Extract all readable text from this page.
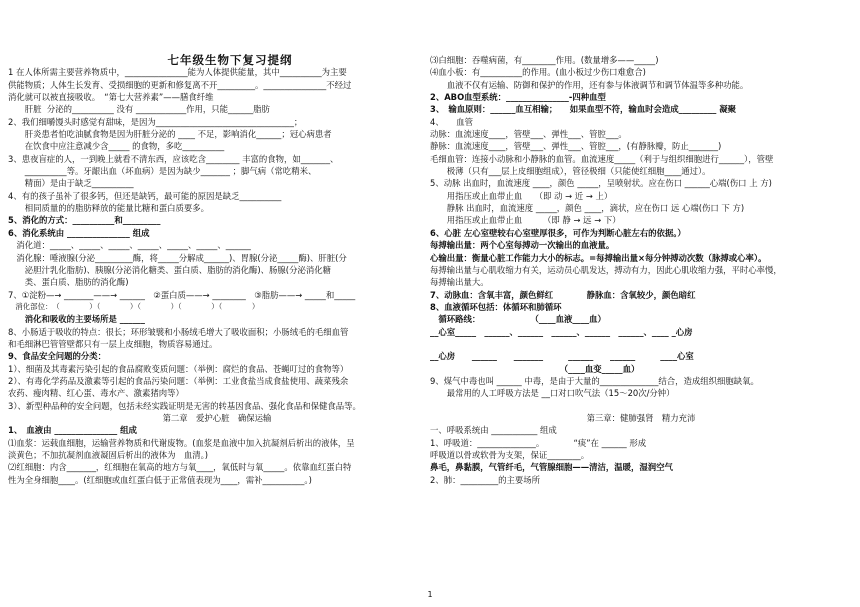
七年级生物下复习提纲
1 在人体所需主要营养物质中，_______________能为人体提供能量，其中__________为主要
供能物质；人体生长发育、受损细胞的更新和修复离不开_________。_______________不经过
消化就可以被直接吸收。　“第七大营养素”——膳食纤维
　　肝脏  分泌的__________ 没有 ____________作用，只能______脂肪
2、我们细嚼馒头时感觉有甜味，是因为_________________________________；
　　肝炎患者怕吃油腻食物是因为肝脏分泌的 ____ 不足，影响消化______；冠心病患者
　　在饮食中应注意减少含_____ 的食物，多吃__________
3、患夜盲症的人，一到晚上就看不清东西，应该吃含________ 丰富的食物，如_______、
　　__________等。牙龈出血（坏血病）是因为缺少_______ ；脚气病（常吃精米、
　　精面）是由于缺乏__________
4、有的孩子虽补了很多钙，但还是缺钙，最可能的原因是缺乏__________
　　相同质量的的脂肪释放的能量比糖和蛋白质要多。
5、消化的方式：__________和_________
6、消化系统由 _______________ 组成
　消化道：_____、_____、_____、_____、_____、_____、______
　消化腺：唾液腺(分泌_________酶，将_____分解成______)、胃腺(分泌_____酶)、肝脏(分
　　泌胆汁乳化脂肪)、胰腺(分泌消化糖类、蛋白质、脂肪的消化酶)、肠腺(分泌消化糖
　　类、蛋白质、脂肪的消化酶)
7、①淀粉—→ _______——→ ______　②蛋白质——→ ________　③脂肪——→ _____和_____
　消化部位：　（　　　　）（　　　　）（　　　　）（　　　　）（　　　　）
　　消化和吸收的主要场所是 ______
8、小肠适于吸收的特点：很长；环形皱襞和小肠绒毛增大了吸收面积；小肠绒毛的毛细血管
和毛细淋巴管管壁都只有一层上皮细胞，物质容易通过。
9、食品安全问题的分类：
1）、细菌及其毒素污染引起的食品腐败变质问题：（举例：腐烂的食品、苍蝇叮过的食物等）
2）、有毒化学药品及激素等引起的食品污染问题：（举例：工业食盐当成食盐使用、蔬菜残余
农药、瘦肉精、红心蛋、毒水产、激素猪肉等）
3）、新型种品种的安全问题，包括未经实践证明是无害的转基因食品、强化食品和保健食品等。
第二章　爱护心脏　确保运输
1、　血液由 _______________ 组成
⑴血浆：运载血细胞，运输营养物质和代谢废物。(血浆是血液中加入抗凝剂后析出的液体，呈
淡黄色；不加抗凝剂血液凝固后析出的液体为　血清。)
⑵红细胞：内含_______，红细胞在氧高的地方与氧____，氧低时与氧_____。依靠血红蛋白特
性为全身细胞____。(红细胞或血红蛋白低于正常值表现为____，需补__________。)
⑶白细胞：吞噬病菌，有________作用。(数量增多——_____)
⑷血小板：有__________的作用。(血小板过少伤口难愈合)
　　血液不仅有运输、防御和保护的作用，还有参与体液调节和调节体温等多种功能。
2、ABO血型系统：_______________-四种血型
3、　输血原则：______血互相输；　　如果血型不符，输血时会造成_________ 凝聚
4、　　血管
动脉：血流速度____，管壁___、弹性___、管腔___。
静脉：血流速度____，管壁___、弹性___、管腔___，(有静脉瓣，防止_______)
毛细血管：连接小动脉和小静脉的血管。血流速度_____（利于与组织细胞进行______），管壁
　　极薄（只有___层上皮细胞组成），管径极细（只能使红细胞____通过）。
5、动脉 出血时，血流速度 ____，颜色 _____，呈喷射状。应在伤口 ______心端(伤口 上 方)
　　用指压或止血带止血　　（即 动 → 近 → 上）
　　静脉 出血时，血流速度 _____，颜色 ____，滴状，应在伤口 远 心端(伤口 下 方)
　　用指压或止血带止血　　　（即 静 → 远 → 下）
6、心脏 左心室壁较右心室壁厚很多，可作为判断心脏左右的依据。）
每搏输出量：两个心室每搏动一次输出的血液量。
心输出量：衡量心脏工作能力大小的标志。=每搏输出量×每分钟搏动次数（脉搏或心率）。
每搏输出量与心肌收缩力有关，运动员心肌发达，搏动有力，因此心肌收缩力强，平时心率慢，
每搏输出量大。
7、动脉血：含氧丰富，颜色鲜红　　　　静脉血：含氧较少，颜色暗红
8、血液循环包括：体循环和肺循环
　循环路线：　　　　　　　（____血液____血）
__心室_____　______、______　______、______　______、____ _心房
__心房　　______　　_______　　　______　　______　　　____心室
　　　　　　　　　　　　　　　　（____血变_____血）
9、煤气中毒也叫 ______ 中毒，是由于大量的______________结合，造成组织细胞缺氧。
　　最常用的人工呼吸方法是 __口对口吹气法（15～20次/分钟）
第三章：健肺强肾　精力充沛
一、呼吸系统由 ___________ 组成
1、呼吸道：______________。　　　　“痰”在 ______ 形成
呼吸道以骨或软骨为支架，保证________。
鼻毛，鼻黏膜，气管纤毛，气管腺细胞——清洁，温暖，湿润空气
2、肺：_________的主要场所
1
